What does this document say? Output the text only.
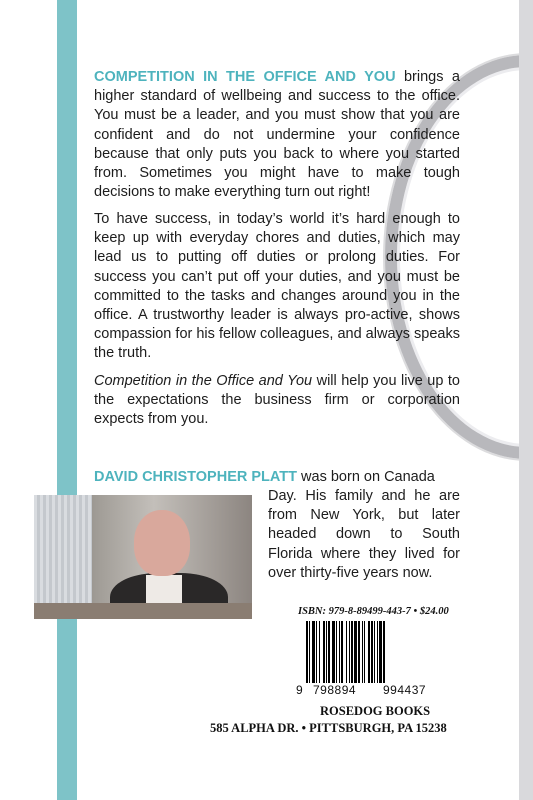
COMPETITION IN THE OFFICE AND YOU brings a higher standard of wellbeing and success to the office. You must be a leader, and you must show that you are confident and do not undermine your confidence because that only puts you back to where you started from. Sometimes you might have to make tough decisions to make everything turn out right!

To have success, in today’s world it’s hard enough to keep up with everyday chores and duties, which may lead us to putting off duties or prolong duties. For success you can’t put off your duties, and you must be committed to the tasks and changes around you in the office. A trustworthy leader is always pro-active, shows compassion for his fellow colleagues, and always speaks the truth.

Competition in the Office and You will help you live up to the expectations the business firm or corporation expects from you.

DAVID CHRISTOPHER PLATT was born on Canada

Day. His family and he are from New York, but later headed down to South Florida where they lived for over thirty-five years now.

ISBN: 979-8-89499-443-7 • $24.00
9 798894 994437
ROSEDOG BOOKS
585 ALPHA DR. • PITTSBURGH, PA 15238
